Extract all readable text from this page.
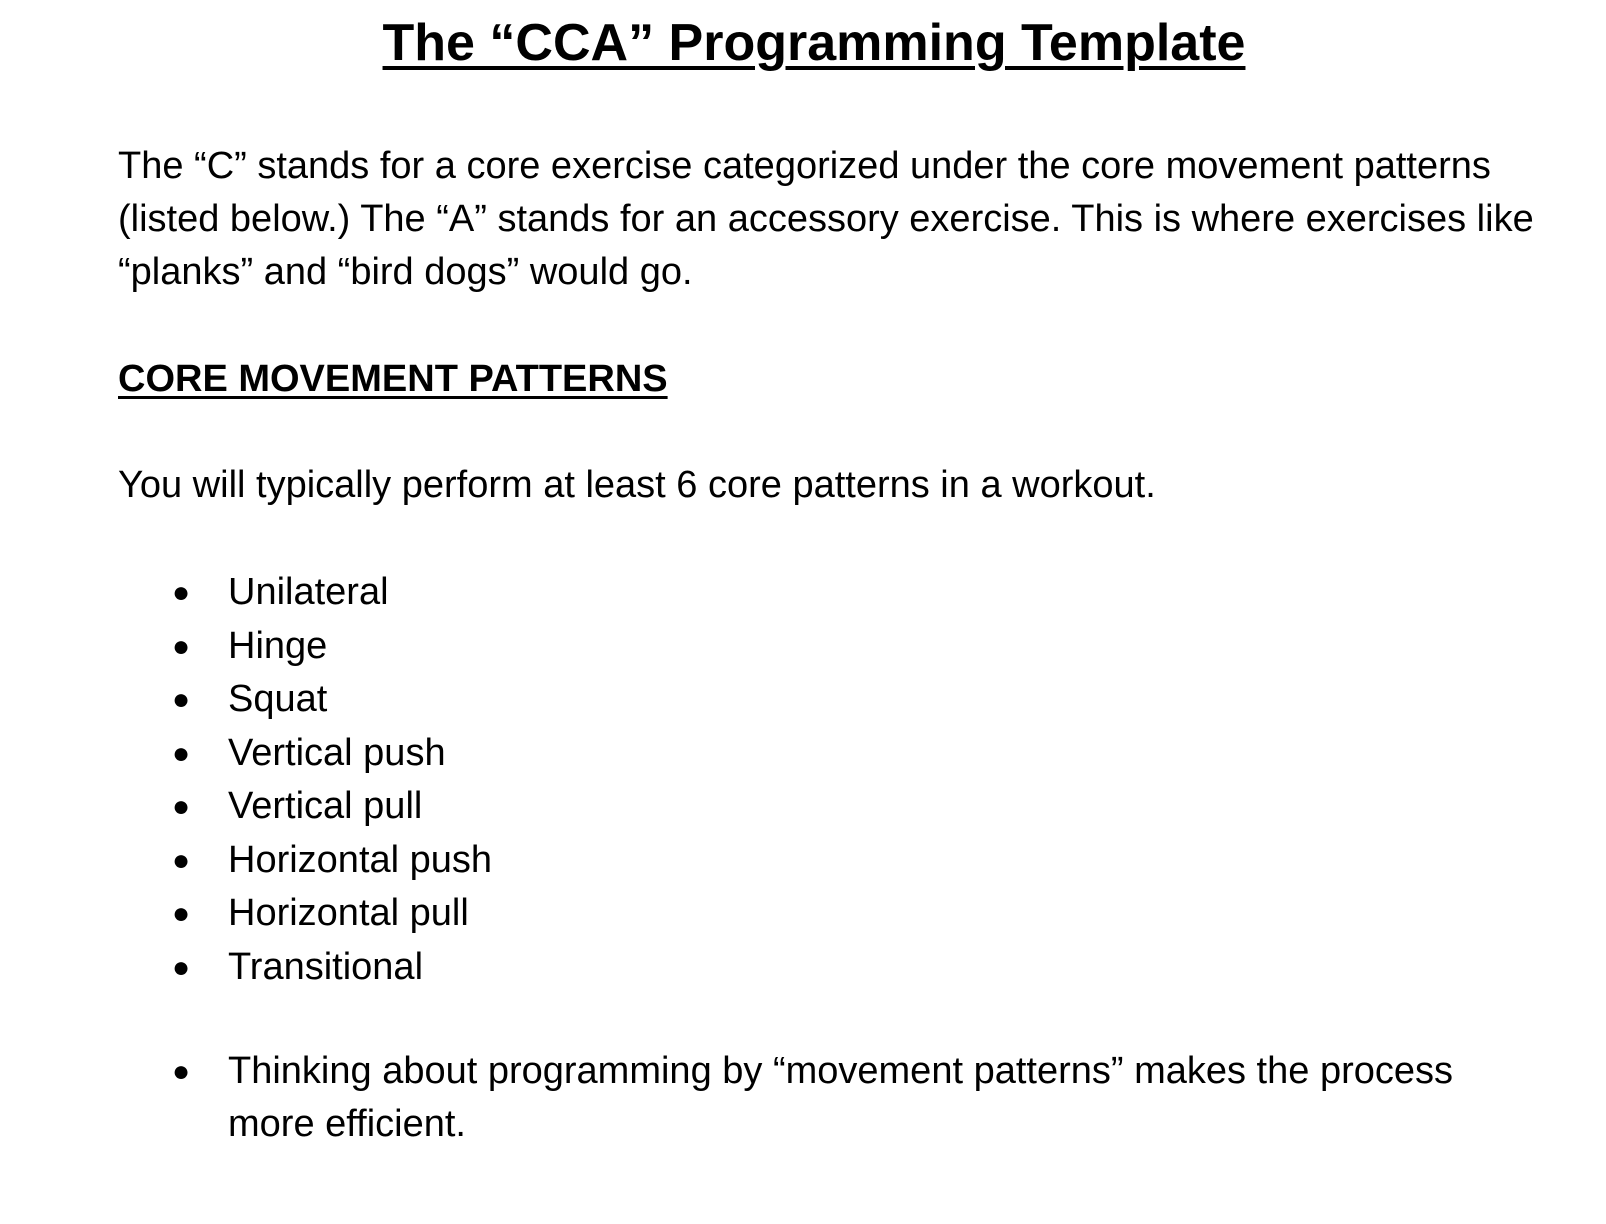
The “CCA” Programming Template

The “C” stands for a core exercise categorized under the core movement patterns (listed below.) The “A” stands for an accessory exercise. This is where exercises like “planks” and “bird dogs” would go.

CORE MOVEMENT PATTERNS

You will typically perform at least 6 core patterns in a workout.

● Unilateral
● Hinge
● Squat
● Vertical push
● Vertical pull
● Horizontal push
● Horizontal pull
● Transitional
● Thinking about programming by “movement patterns” makes the process more efficient.
